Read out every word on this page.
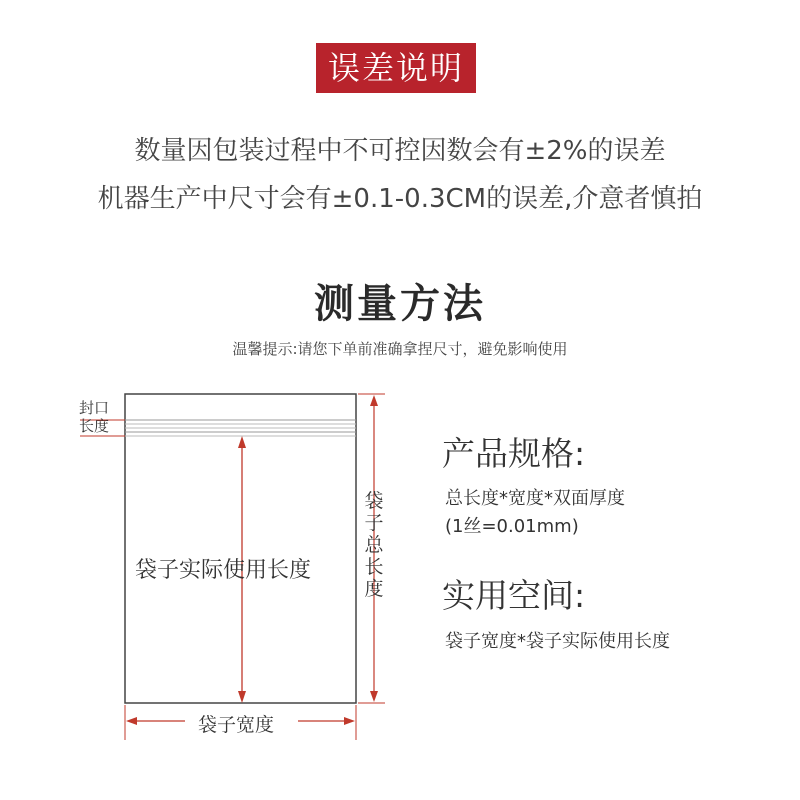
误差说明
数量因包装过程中不可控因数会有±2%的误差
机器生产中尺寸会有±0.1-0.3CM的误差,介意者慎拍
测量方法
温馨提示:请您下单前准确拿捏尺寸，避免影响使用
封口
长度
袋子实际使用长度
袋子宽度
袋子总长度
产品规格:
总长度*宽度*双面厚度
(1丝=0.01mm)
实用空间:
袋子宽度*袋子实际使用长度
